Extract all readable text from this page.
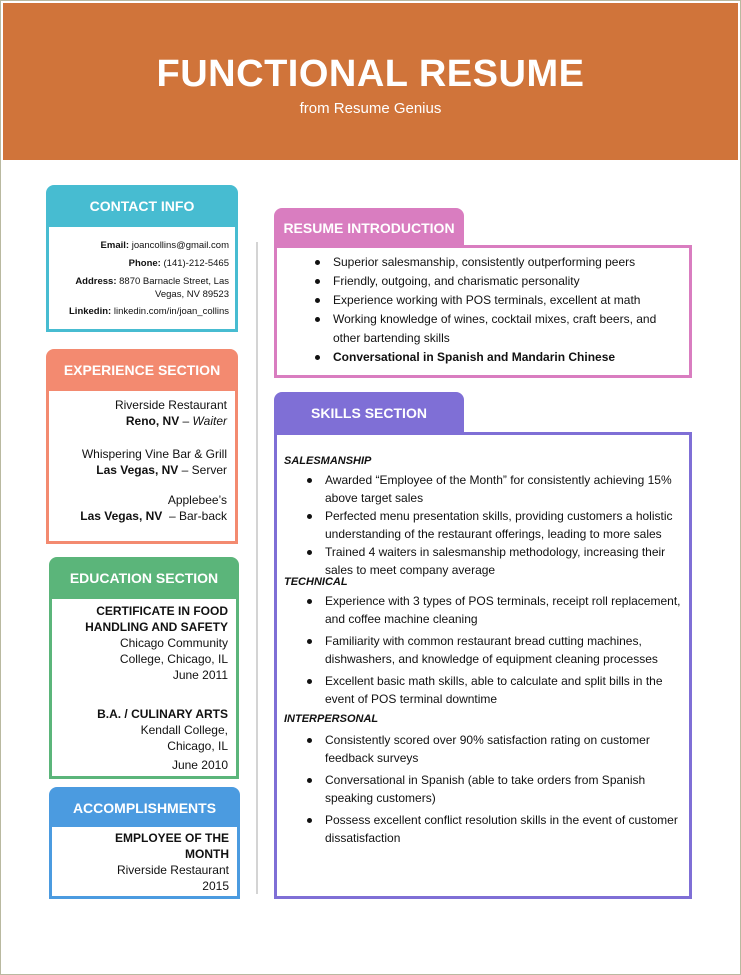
FUNCTIONAL RESUME
from Resume Genius
CONTACT INFO
Email: joancollins@gmail.com
Phone: (141)-212-5465
Address: 8870 Barnacle Street, Las
Vegas, NV 89523
Linkedin: linkedin.com/in/joan_collins
EXPERIENCE SECTION
Riverside Restaurant
Reno, NV – Waiter
Whispering Vine Bar & Grill
Las Vegas, NV – Server
Applebee’s
Las Vegas, NV  – Bar-back
EDUCATION SECTION
CERTIFICATE IN FOOD
HANDLING AND SAFETY
Chicago Community
College, Chicago, IL
June 2011
B.A. / CULINARY ARTS
Kendall College,
Chicago, IL
June 2010
ACCOMPLISHMENTS
EMPLOYEE OF THE
MONTH
Riverside Restaurant
2015
RESUME INTRODUCTION
Superior salesmanship, consistently outperforming peers
Friendly, outgoing, and charismatic personality
Experience working with POS terminals, excellent at math
Working knowledge of wines, cocktail mixes, craft beers, and other bartending skills
Conversational in Spanish and Mandarin Chinese
SKILLS SECTION
SALESMANSHIP
Awarded “Employee of the Month” for consistently achieving 15% above target sales
Perfected menu presentation skills, providing customers a holistic understanding of the restaurant offerings, leading to more sales
Trained 4 waiters in salesmanship methodology, increasing their sales to meet company average
TECHNICAL
Experience with 3 types of POS terminals, receipt roll replacement, and coffee machine cleaning
Familiarity with common restaurant bread cutting machines, dishwashers, and knowledge of equipment cleaning processes
Excellent basic math skills, able to calculate and split bills in the event of POS terminal downtime
INTERPERSONAL
Consistently scored over 90% satisfaction rating on customer feedback surveys
Conversational in Spanish (able to take orders from Spanish speaking customers)
Possess excellent conflict resolution skills in the event of customer dissatisfaction
